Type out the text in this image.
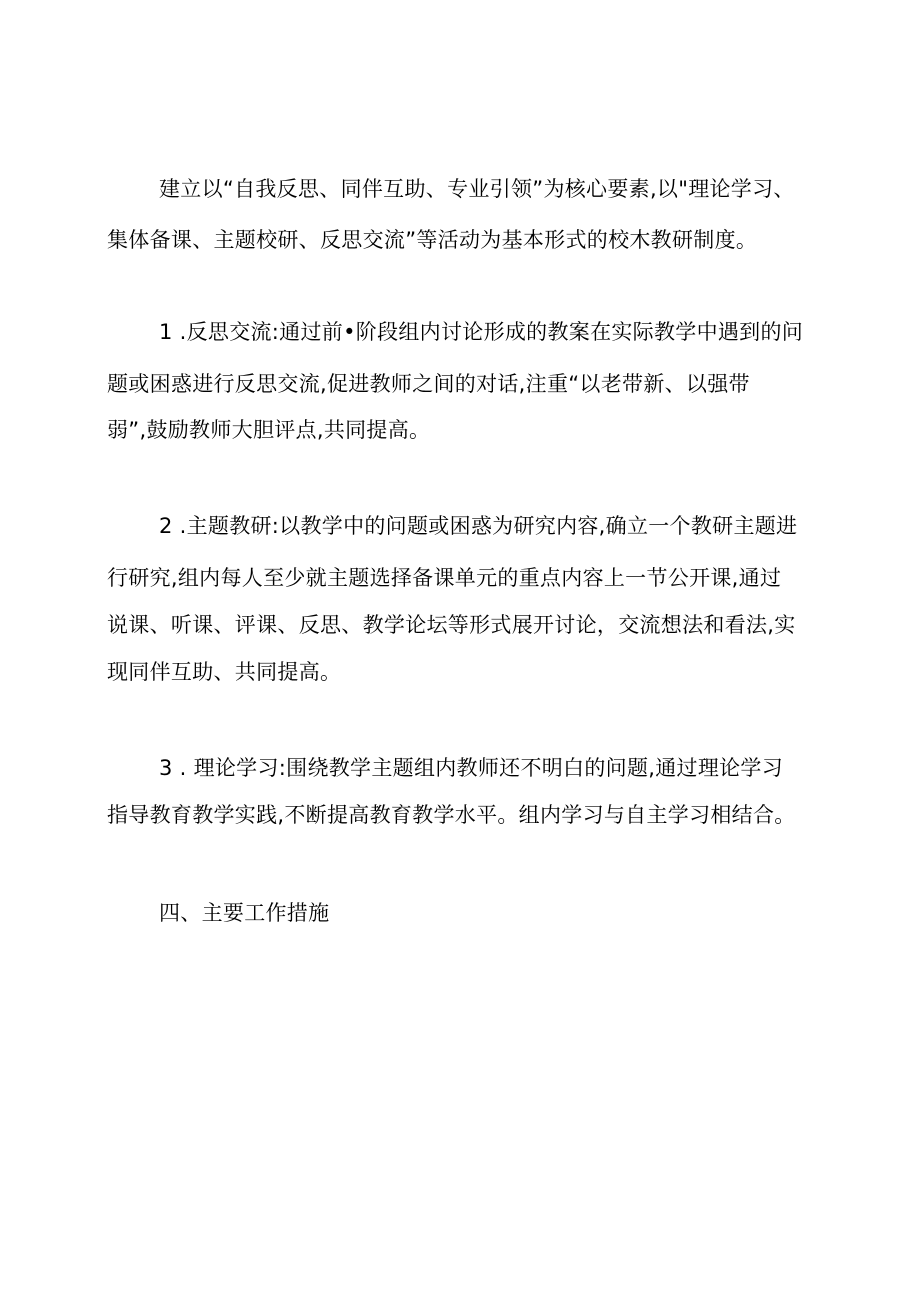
建立以“自我反思、同伴互助、专业引领”为核心要素,以"理论学习、
集体备课、主题校研、反思交流”等活动为基本形式的校木教研制度。
1 .反思交流:通过前•阶段组内讨论形成的教案在实际教学中遇到的问
题或困惑进行反思交流,促进教师之间的对话,注重“以老带新、以强带
弱”,鼓励教师大胆评点,共同提高。
2 .主题教研:以教学中的问题或困惑为研究内容,确立一个教研主题进
行研究,组内每人至少就主题选择备课单元的重点内容上一节公开课,通过
说课、听课、评课、反思、教学论坛等形式展开讨论，交流想法和看法,实
现同伴互助、共同提高。
3 . 理论学习:围绕教学主题组内教师还不明白的问题,通过理论学习
指导教育教学实践,不断提高教育教学水平。组内学习与自主学习相结合。
四、主要工作措施
